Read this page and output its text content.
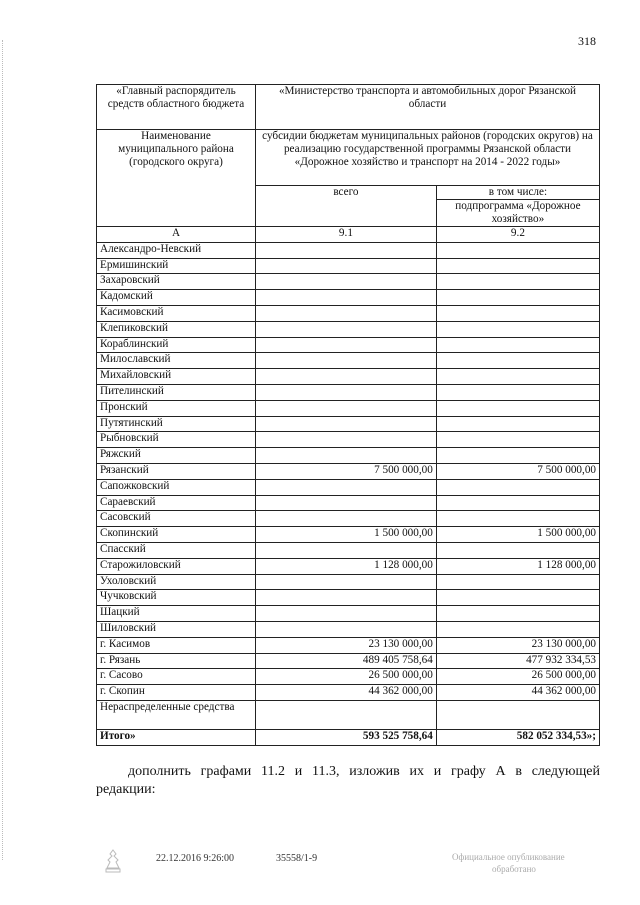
318
«Главный распорядитель средств областного бюджета	«Министерство транспорта и автомобильных дорог Рязанской области	
Наименование муниципального района (городского округа)	субсидии бюджетам муниципальных районов (городских округов) на реализацию государственной программы Рязанской области «Дорожное хозяйство и транспорт на 2014 - 2022 годы»	
	всего	в том числе:
		подпрограмма «Дорожное хозяйство»
А	9.1	9.2
Александро-Невский		
Ермишинский		
Захаровский		
Кадомский		
Касимовский		
Клепиковский		
Кораблинский		
Милославский		
Михайловский		
Пителинский		
Пронский		
Путятинский		
Рыбновский		
Ряжский		
Рязанский	7 500 000,00	7 500 000,00
Сапожковский		
Сараевский		
Сасовский		
Скопинский	1 500 000,00	1 500 000,00
Спасский		
Старожиловский	1 128 000,00	1 128 000,00
Ухоловский		
Чучковский		
Шацкий		
Шиловский		
г. Касимов	23 130 000,00	23 130 000,00
г. Рязань	489 405 758,64	477 932 334,53
г. Сасово	26 500 000,00	26 500 000,00
г. Скопин	44 362 000,00	44 362 000,00
Нераспределенные средства		
Итого»	593 525 758,64	582 052 334,53»;
дополнить графами 11.2 и 11.3, изложив их и графу А в следующей
редакции:
22.12.2016 9:26:00	35558/1-9	Официальное опубликование
обработано
